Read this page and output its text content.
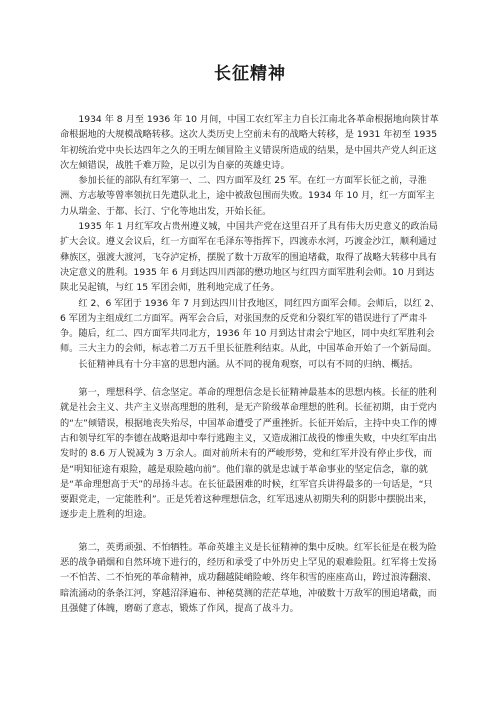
长征精神

1934 年 8 月至 1936 年 10 月间，中国工农红军主力自长江南北各革命根据地向陕甘革命根据地的大规模战略转移。这次人类历史上空前未有的战略大转移，是 1931 年初至 1935 年初统治党中央长达四年之久的王明左倾冒险主义错误所造成的结果，是中国共产党人纠正这次左倾错误，战胜千难万险，足以引为自豪的英雄史诗。

参加长征的部队有红军第一、二、四方面军及红 25 军。在红一方面军长征之前，寻淮洲、方志敏等曾率领抗日先遣队北上，途中被敌包围而失败。1934 年 10 月，红一方面军主力从瑞金、于都、长汀、宁化等地出发，开始长征。

1935 年 1 月红军攻占贵州遵义城，中国共产党在这里召开了具有伟大历史意义的政治局扩大会议。遵义会议后，红一方面军在毛泽东等指挥下，四渡赤水河，巧渡金沙江，顺利通过彝族区，强渡大渡河，飞夺泸定桥，摆脱了数十万敌军的围追堵截，取得了战略大转移中具有决定意义的胜利。1935 年 6 月到达四川西部的懋功地区与红四方面军胜利会师。10 月到达陕北吴起镇，与红 15 军团会师，胜利地完成了任务。

红 2、6 军团于 1936 年 7 月到达四川甘孜地区，同红四方面军会师。会师后，以红 2、6 军团为主组成红二方面军。两军会合后，对张国焘的反党和分裂红军的错误进行了严肃斗争。随后，红二、四方面军共同北方，1936 年 10 月到达甘肃会宁地区，同中央红军胜利会师。三大主力的会师，标志着二万五千里长征胜利结束。从此，中国革命开始了一个新局面。

长征精神具有十分丰富的思想内涵。从不同的视角观察，可以有不同的归纳、概括。

第一，理想科学、信念坚定。革命的理想信念是长征精神最基本的思想内核。长征的胜利就是社会主义、共产主义崇高理想的胜利，是无产阶级革命理想的胜利。长征初期，由于党内的“左”倾错误，根据地丧失殆尽，中国革命遭受了严重挫折。长征开始后，主持中央工作的博古和领导红军的李德在战略退却中奉行逃跑主义，又造成湘江战役的惨重失败，中央红军由出发时的 8.6 万人锐减为 3 万余人。面对前所未有的严峻形势，党和红军并没有停止步伐，而是“明知征途有艰险，越是艰险越向前”。他们靠的就是忠诚于革命事业的坚定信念，靠的就是“革命理想高于天”的昂扬斗志。在长征最困难的时候，红军官兵讲得最多的一句话是，“只要跟党走，一定能胜利”。正是凭着这种理想信念，红军迅速从初期失利的阴影中摆脱出来，逐步走上胜利的坦途。

第二，英勇顽强、不怕牺牲。革命英雄主义是长征精神的集中反映。红军长征是在极为险恶的战争硝烟和自然环境下进行的，经历和承受了中外历史上罕见的艰难险阻。红军将士发扬一不怕苦、二不怕死的革命精神，成功翻越陡峭险峻、终年积雪的座座高山，跨过浪涛翻滚、暗流涌动的条条江河，穿越沼泽遍布、神秘莫测的茫茫草地，冲破数十万敌军的围追堵截，而且强健了体魄，磨砺了意志，锻炼了作风，提高了战斗力。
